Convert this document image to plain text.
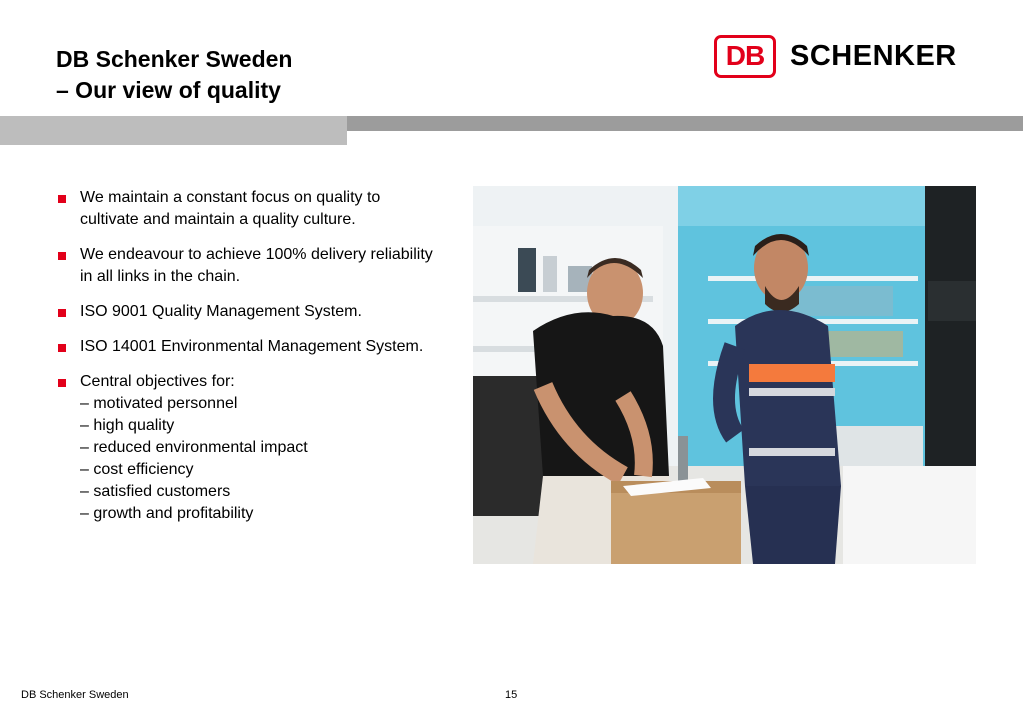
DB Schenker Sweden
– Our view of quality
DB SCHENKER
We maintain a constant focus on quality to cultivate and maintain a quality culture.
We endeavour to achieve 100% delivery reliability in all links in the chain.
ISO 9001 Quality Management System.
ISO 14001 Environmental Management System.
Central objectives for:
– motivated personnel
– high quality
– reduced environmental impact
– cost efficiency
– satisfied customers
– growth and profitability
DB Schenker Sweden	15
